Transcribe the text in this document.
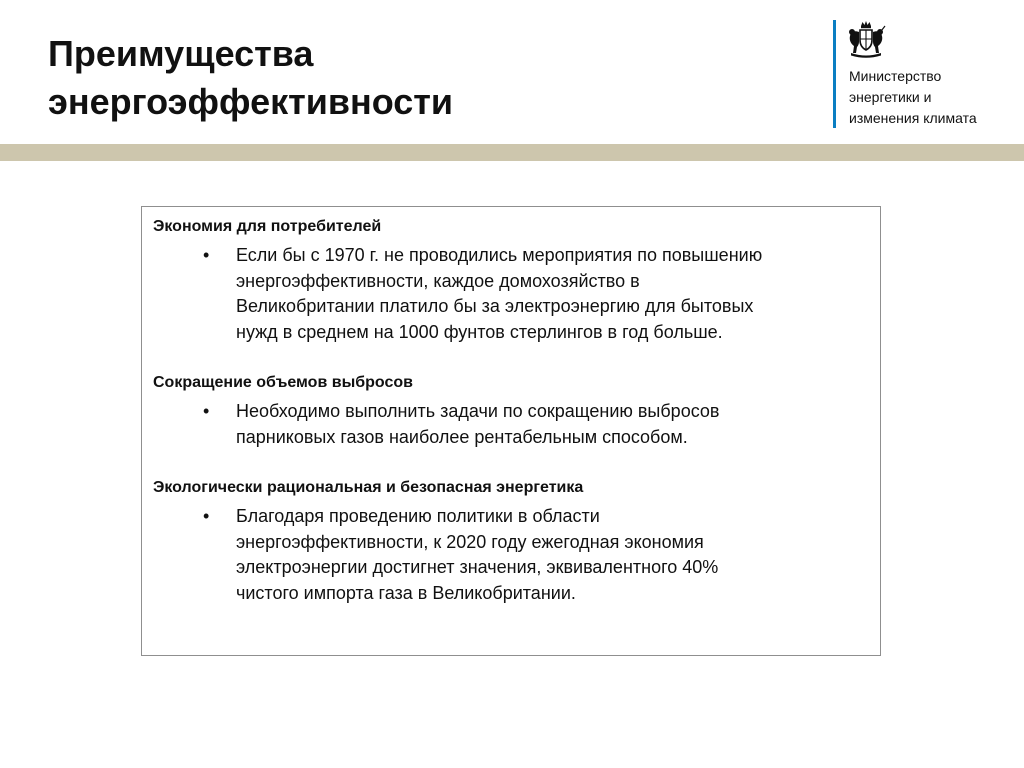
Преимущества
энергоэффективности
Министерство
энергетики и
изменения климата
Экономия для потребителей
• Если бы с 1970 г. не проводились мероприятия по повышению
энергоэффективности, каждое домохозяйство в
Великобритании платило бы за электроэнергию для бытовых
нужд в среднем на 1000 фунтов стерлингов в год больше.
Сокращение объемов выбросов
• Необходимо выполнить задачи по сокращению выбросов
парниковых газов наиболее рентабельным способом.
Экологически рациональная и безопасная энергетика
• Благодаря проведению политики в области
энергоэффективности, к 2020 году ежегодная экономия
электроэнергии достигнет значения, эквивалентного 40%
чистого импорта газа в Великобритании.
